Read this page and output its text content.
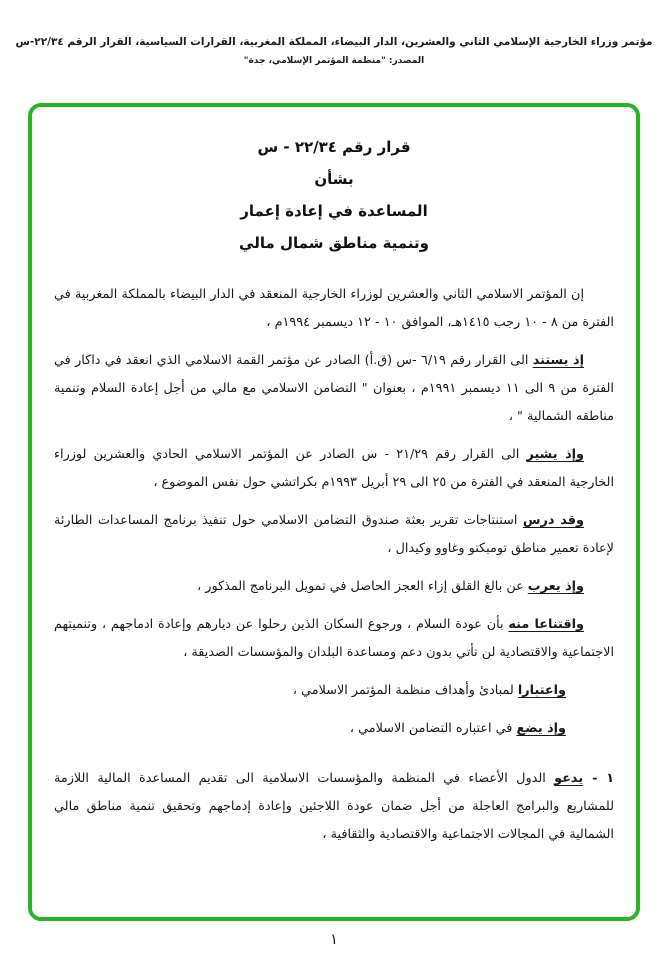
مؤتمر وزراء الخارجية الإسلامي الثاني والعشرين، الدار البيضاء، المملكة المغربية، القرارات السياسية، القرار الرقم ٢٢/٣٤-س
المصدر: "منظمة المؤتمر الإسلامي، جدة"
قرار رقم ٢٢/٣٤ - س
بشأن
المساعدة في إعادة إعمار
وتنمية مناطق شمال مالي

إن المؤتمر الاسلامي الثاني والعشرين لوزراء الخارجية المنعقد في الدار البيضاء بالمملكة المغربية في الفترة من ٨ - ١٠ رجب ١٤١٥هـ، الموافق ١٠ - ١٢ ديسمبر ١٩٩٤م ،

إذ يستند الى القرار رقم ٦/١٩ -س (ق.أ) الصادر عن مؤتمر القمة الاسلامي الذي انعقد في داكار في الفترة من ٩ الى ١١ ديسمبر ١٩٩١م ، بعنوان " التضامن الاسلامي مع مالي من أجل إعادة السلام وتنمية مناطقه الشمالية " ،

وإذ يشير الى القرار رقم ٢١/٢٩ - س الصادر عن المؤتمر الاسلامي الحادي والعشرين لوزراء الخارجية المنعقد في الفترة من ٢٥ الى ٢٩ أبريل ١٩٩٣م بكراتشي حول نفس الموضوع ،

وقد درس استنتاجات تقرير بعثة صندوق التضامن الاسلامي حول تنفيذ برنامج المساعدات الطارئة لإعادة تعمير مناطق تومبكتو وغاوو وكيدال ،

وإذ يعرب عن بالغ القلق إزاء العجز الحاصل في تمويل البرنامج المذكور ،

واقتناعا منه بأن عودة السلام ، ورجوع السكان الذين رحلوا عن ديارهم وإعادة ادماجهم ، وتنميتهم الاجتماعية والاقتصادية لن تأتي بدون دعم ومساعدة البلدان والمؤسسات الصديقة ،

واعتبارا لمبادئ وأهداف منظمة المؤتمر الاسلامي ،

وإذ يضع في اعتباره التضامن الاسلامي ،

١ -يدعو الدول الأعضاء في المنظمة والمؤسسات الاسلامية الى تقديم المساعدة المالية اللازمة للمشاريع والبرامج العاجلة من أجل ضمان عودة اللاجئين وإعادة إدماجهم وتحقيق تنمية مناطق مالي الشمالية في المجالات الاجتماعية والاقتصادية والثقافية ،

١
